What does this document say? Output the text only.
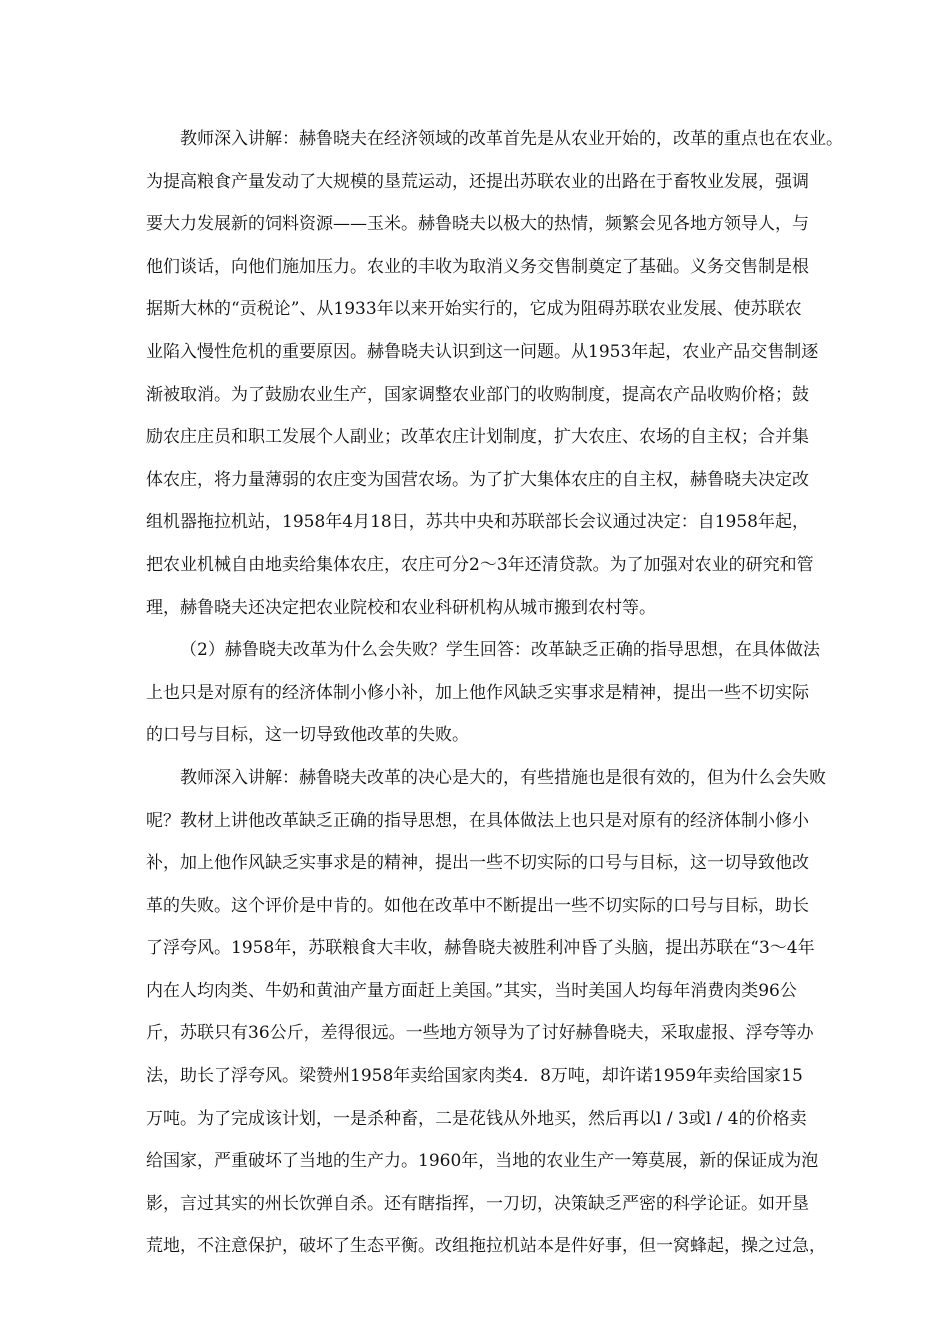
教师深入讲解：赫鲁晓夫在经济领域的改革首先是从农业开始的，改革的重点也在农业。
为提高粮食产量发动了大规模的垦荒运动，还提出苏联农业的出路在于畜牧业发展，强调
要大力发展新的饲料资源——玉米。赫鲁晓夫以极大的热情，频繁会见各地方领导人，与
他们谈话，向他们施加压力。农业的丰收为取消义务交售制奠定了基础。义务交售制是根
据斯大林的“贡税论”、从1933年以来开始实行的，它成为阻碍苏联农业发展、使苏联农
业陷入慢性危机的重要原因。赫鲁晓夫认识到这一问题。从1953年起，农业产品交售制逐
渐被取消。为了鼓励农业生产，国家调整农业部门的收购制度，提高农产品收购价格；鼓
励农庄庄员和职工发展个人副业；改革农庄计划制度，扩大农庄、农场的自主权；合并集
体农庄，将力量薄弱的农庄变为国营农场。为了扩大集体农庄的自主权，赫鲁晓夫决定改
组机器拖拉机站，1958年4月18日，苏共中央和苏联部长会议通过决定：自1958年起，
把农业机械自由地卖给集体农庄，农庄可分2～3年还清贷款。为了加强对农业的研究和管
理，赫鲁晓夫还决定把农业院校和农业科研机构从城市搬到农村等。
（2）赫鲁晓夫改革为什么会失败？学生回答：改革缺乏正确的指导思想，在具体做法
上也只是对原有的经济体制小修小补，加上他作风缺乏实事求是精神，提出一些不切实际
的口号与目标，这一切导致他改革的失败。
教师深入讲解：赫鲁晓夫改革的决心是大的，有些措施也是很有效的，但为什么会失败
呢？教材上讲他改革缺乏正确的指导思想，在具体做法上也只是对原有的经济体制小修小
补，加上他作风缺乏实事求是的精神，提出一些不切实际的口号与目标，这一切导致他改
革的失败。这个评价是中肯的。如他在改革中不断提出一些不切实际的口号与目标，助长
了浮夸风。1958年，苏联粮食大丰收，赫鲁晓夫被胜利冲昏了头脑，提出苏联在“3～4年
内在人均肉类、牛奶和黄油产量方面赶上美国。”其实，当时美国人均每年消费肉类96公
斤，苏联只有36公斤，差得很远。一些地方领导为了讨好赫鲁晓夫，采取虚报、浮夸等办
法，助长了浮夸风。梁赞州1958年卖给国家肉类4．8万吨，却许诺1959年卖给国家15
万吨。为了完成该计划，一是杀种畜，二是花钱从外地买，然后再以l / 3或l / 4的价格卖
给国家，严重破坏了当地的生产力。1960年，当地的农业生产一筹莫展，新的保证成为泡
影，言过其实的州长饮弹自杀。还有瞎指挥，一刀切，决策缺乏严密的科学论证。如开垦
荒地，不注意保护，破坏了生态平衡。改组拖拉机站本是件好事，但一窝蜂起，操之过急，
